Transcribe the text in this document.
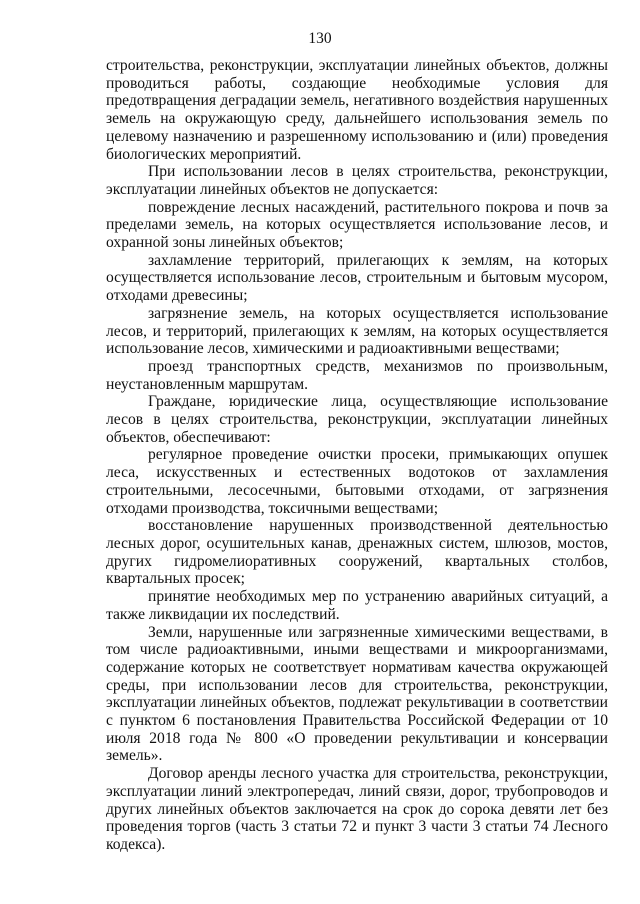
130

строительства, реконструкции, эксплуатации линейных объектов, должны проводиться работы, создающие необходимые условия для предотвращения деградации земель, негативного воздействия нарушенных земель на окружающую среду, дальнейшего использования земель по целевому назначению и разрешенному использованию и (или) проведения биологических мероприятий.

При использовании лесов в целях строительства, реконструкции, эксплуатации линейных объектов не допускается:

повреждение лесных насаждений, растительного покрова и почв за пределами земель, на которых осуществляется использование лесов, и охранной зоны линейных объектов;

захламление территорий, прилегающих к землям, на которых осуществляется использование лесов, строительным и бытовым мусором, отходами древесины;

загрязнение земель, на которых осуществляется использование лесов, и территорий, прилегающих к землям, на которых осуществляется использование лесов, химическими и радиоактивными веществами;

проезд транспортных средств, механизмов по произвольным, неустановленным маршрутам.

Граждане, юридические лица, осуществляющие использование лесов в целях строительства, реконструкции, эксплуатации линейных объектов, обеспечивают:

регулярное проведение очистки просеки, примыкающих опушек леса, искусственных и естественных водотоков от захламления строительными, лесосечными, бытовыми отходами, от загрязнения отходами производства, токсичными веществами;

восстановление нарушенных производственной деятельностью лесных дорог, осушительных канав, дренажных систем, шлюзов, мостов, других гидромелиоративных сооружений, квартальных столбов, квартальных просек;

принятие необходимых мер по устранению аварийных ситуаций, а также ликвидации их последствий.

Земли, нарушенные или загрязненные химическими веществами, в том числе радиоактивными, иными веществами и микроорганизмами, содержание которых не соответствует нормативам качества окружающей среды, при использовании лесов для строительства, реконструкции, эксплуатации линейных объектов, подлежат рекультивации в соответствии с пунктом 6 постановления Правительства Российской Федерации от 10 июля 2018 года № 800 «О проведении рекультивации и консервации земель».

Договор аренды лесного участка для строительства, реконструкции, эксплуатации линий электропередач, линий связи, дорог, трубопроводов и других линейных объектов заключается на срок до сорока девяти лет без проведения торгов (часть 3 статьи 72 и пункт 3 части 3 статьи 74 Лесного кодекса).
